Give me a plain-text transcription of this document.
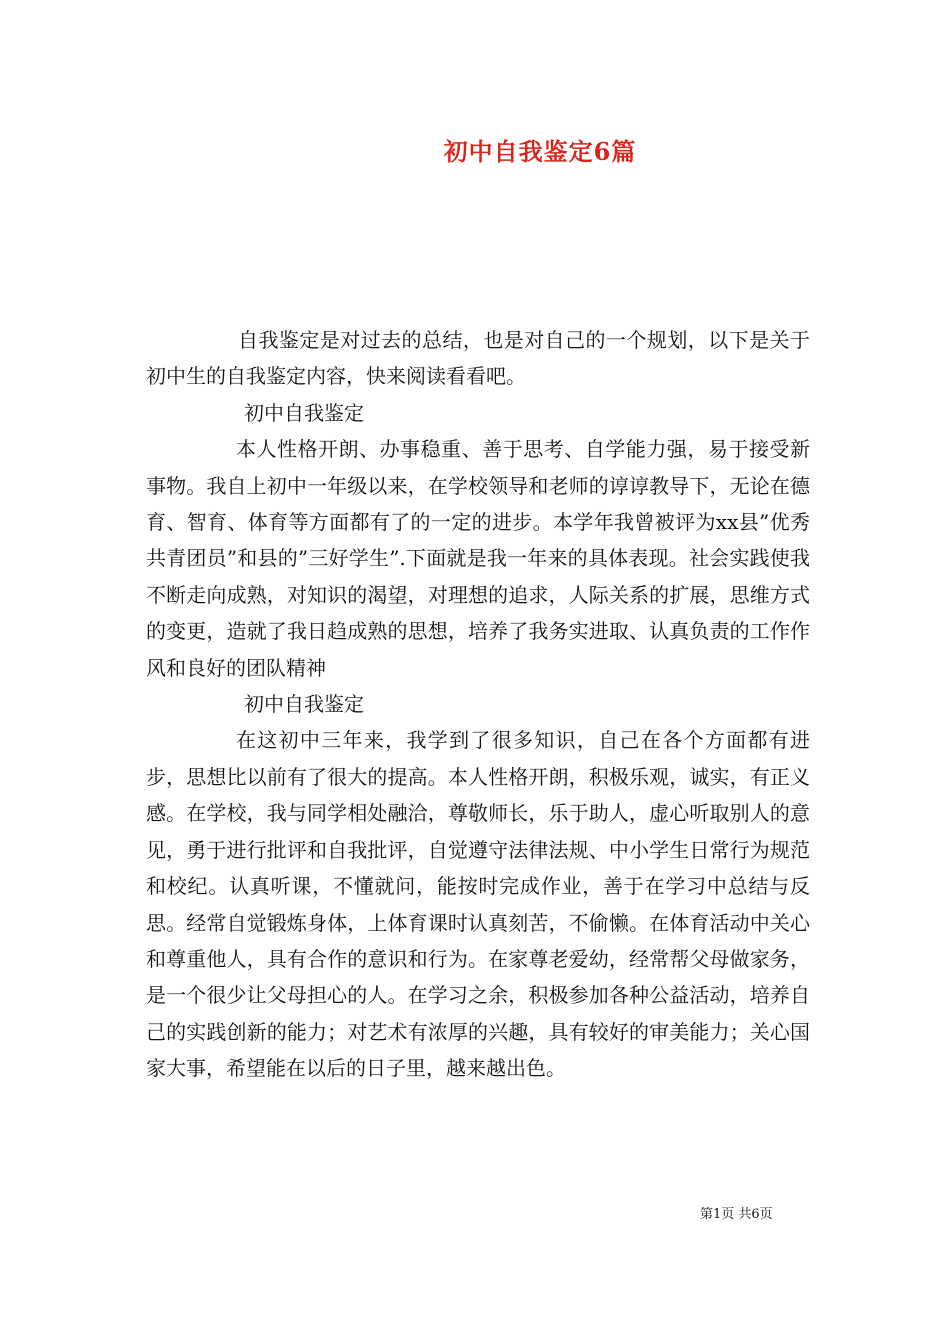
初中自我鉴定6篇

自我鉴定是对过去的总结，也是对自己的一个规划，以下是关于初中生的自我鉴定内容，快来阅读看看吧。

初中自我鉴定

本人性格开朗、办事稳重、善于思考、自学能力强，易于接受新事物。我自上初中一年级以来，在学校领导和老师的谆谆教导下，无论在德育、智育、体育等方面都有了的一定的进步。本学年我曾被评为xx县”优秀共青团员”和县的”三好学生”.下面就是我一年来的具体表现。社会实践使我不断走向成熟，对知识的渴望，对理想的追求，人际关系的扩展，思维方式的变更，造就了我日趋成熟的思想，培养了我务实进取、认真负责的工作作风和良好的团队精神

初中自我鉴定

在这初中三年来，我学到了很多知识，自己在各个方面都有进步，思想比以前有了很大的提高。本人性格开朗，积极乐观，诚实，有正义感。在学校，我与同学相处融洽，尊敬师长，乐于助人，虚心听取别人的意见，勇于进行批评和自我批评，自觉遵守法律法规、中小学生日常行为规范和校纪。认真听课，不懂就问，能按时完成作业，善于在学习中总结与反思。经常自觉锻炼身体，上体育课时认真刻苦，不偷懒。在体育活动中关心和尊重他人，具有合作的意识和行为。在家尊老爱幼，经常帮父母做家务，是一个很少让父母担心的人。在学习之余，积极参加各种公益活动，培养自己的实践创新的能力；对艺术有浓厚的兴趣，具有较好的审美能力；关心国家大事，希望能在以后的日子里，越来越出色。

第1页 共6页
